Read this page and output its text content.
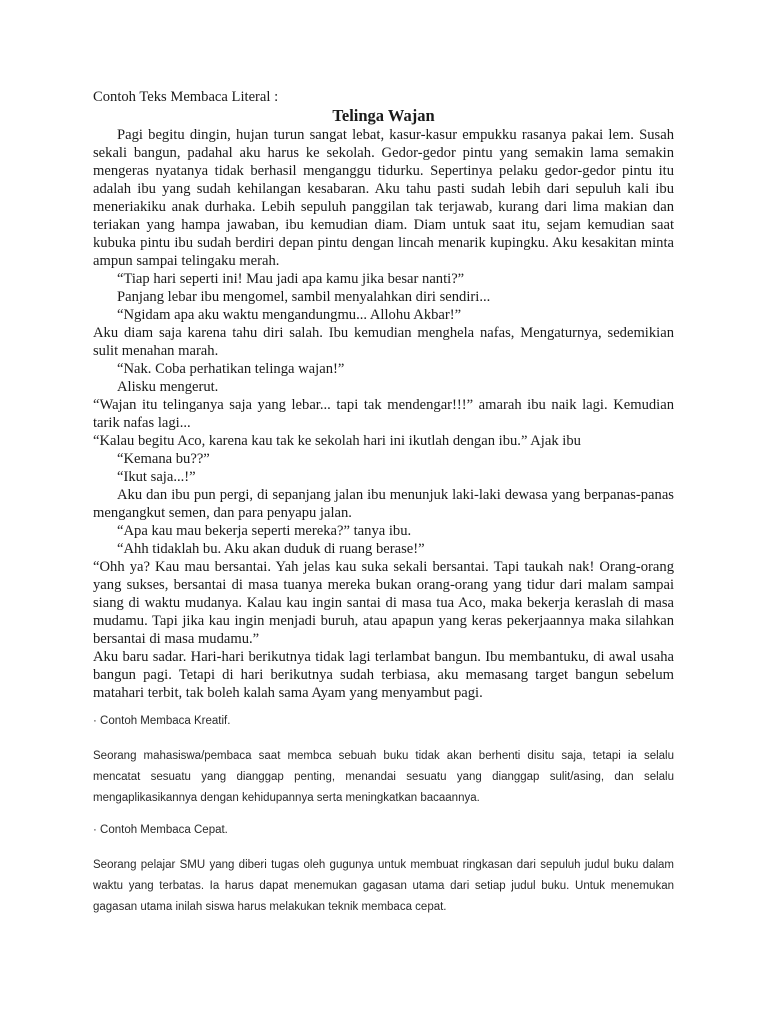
Contoh Teks Membaca Literal :

Telinga Wajan

Pagi begitu dingin, hujan turun sangat lebat, kasur-kasur empukku rasanya pakai lem. Susah sekali bangun, padahal aku harus ke sekolah. Gedor-gedor pintu yang semakin lama semakin mengeras nyatanya tidak berhasil menganggu tidurku. Sepertinya pelaku gedor-gedor pintu itu adalah ibu yang sudah kehilangan kesabaran. Aku tahu pasti sudah lebih dari sepuluh kali ibu meneriakiku anak durhaka. Lebih sepuluh panggilan tak terjawab, kurang dari lima makian dan teriakan yang hampa jawaban, ibu kemudian diam. Diam untuk saat itu, sejam kemudian saat kubuka pintu ibu sudah berdiri depan pintu dengan lincah menarik kupingku. Aku kesakitan minta ampun sampai telingaku merah.

“Tiap hari seperti ini! Mau jadi apa kamu jika besar nanti?”

Panjang lebar ibu mengomel, sambil menyalahkan diri sendiri...

“Ngidam apa aku waktu mengandungmu... Allohu Akbar!”

Aku diam saja karena tahu diri salah. Ibu kemudian menghela nafas, Mengaturnya, sedemikian sulit menahan marah.

“Nak. Coba perhatikan telinga wajan!”

Alisku mengerut.

“Wajan itu telinganya saja yang lebar... tapi tak mendengar!!!” amarah ibu naik lagi. Kemudian tarik nafas lagi...

“Kalau begitu Aco, karena kau tak ke sekolah hari ini ikutlah dengan ibu.” Ajak ibu

“Kemana bu??”

“Ikut saja...!”

Aku dan ibu pun pergi, di sepanjang jalan ibu menunjuk laki-laki dewasa yang berpanas-panas mengangkut semen, dan para penyapu jalan.

“Apa kau mau bekerja seperti mereka?” tanya ibu.

“Ahh tidaklah bu. Aku akan duduk di ruang berase!”

“Ohh ya? Kau mau bersantai. Yah jelas kau suka sekali bersantai. Tapi taukah nak! Orang-orang yang sukses, bersantai di masa tuanya mereka bukan orang-orang yang tidur dari malam sampai siang di waktu mudanya. Kalau kau ingin santai di masa tua Aco, maka bekerja keraslah di masa mudamu. Tapi jika kau ingin menjadi buruh, atau apapun yang keras pekerjaannya maka silahkan bersantai di masa mudamu.”

Aku baru sadar. Hari-hari berikutnya tidak lagi terlambat bangun. Ibu membantuku, di awal usaha bangun pagi. Tetapi di hari berikutnya sudah terbiasa, aku memasang target bangun sebelum matahari terbit, tak boleh kalah sama Ayam yang menyambut pagi.

· Contoh Membaca Kreatif.

Seorang mahasiswa/pembaca saat membca sebuah buku tidak akan berhenti disitu saja, tetapi ia selalu mencatat sesuatu yang dianggap penting, menandai sesuatu yang dianggap sulit/asing, dan selalu mengaplikasikannya dengan kehidupannya serta meningkatkan bacaannya.

· Contoh Membaca Cepat.

Seorang pelajar SMU yang diberi tugas oleh gugunya untuk membuat ringkasan dari sepuluh judul buku dalam waktu yang terbatas. Ia harus dapat menemukan gagasan utama dari setiap judul buku. Untuk menemukan gagasan utama inilah siswa harus melakukan teknik membaca cepat.
